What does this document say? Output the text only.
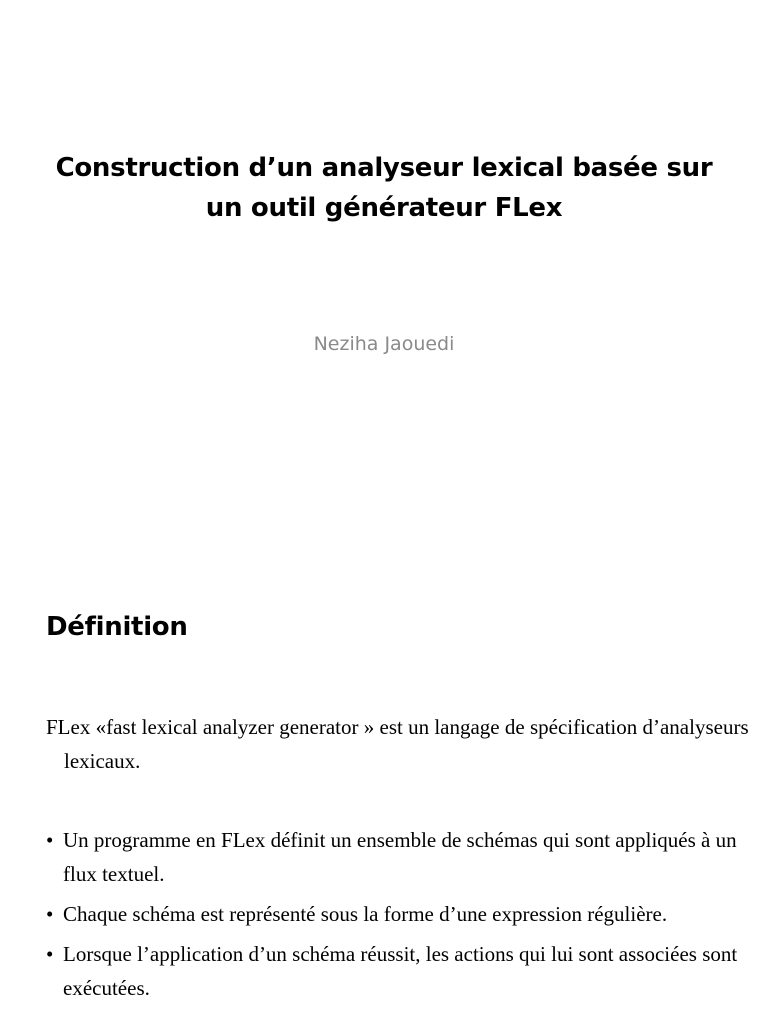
Construction d’un analyseur lexical basée sur
un outil générateur FLex
Neziha Jaouedi
Définition
FLex «fast lexical analyzer generator » est un langage de spécification d’analyseurs lexicaux.
• Un programme en FLex définit un ensemble de schémas qui sont appliqués à un flux textuel.
• Chaque schéma est représenté sous la forme d’une expression régulière.
• Lorsque l’application d’un schéma réussit, les actions qui lui sont associées sont exécutées.
